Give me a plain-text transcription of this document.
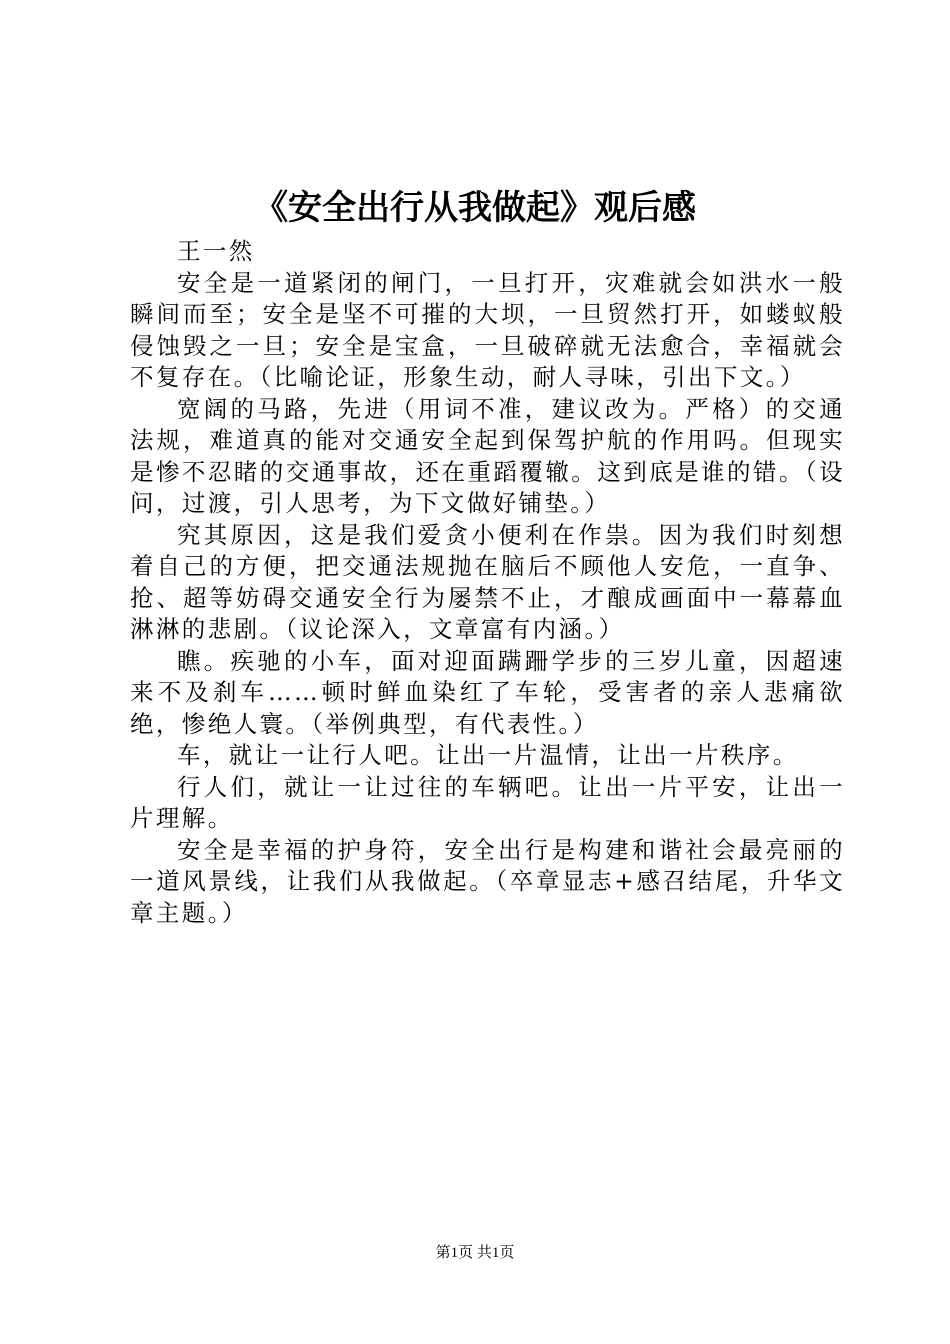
《安全出行从我做起》观后感

王一然

安全是一道紧闭的闸门，一旦打开，灾难就会如洪水一般瞬间而至；安全是坚不可摧的大坝，一旦贸然打开，如蝼蚁般侵蚀毁之一旦；安全是宝盒，一旦破碎就无法愈合，幸福就会不复存在。（比喻论证，形象生动，耐人寻味，引出下文。）

宽阔的马路，先进（用词不准，建议改为。严格）的交通法规，难道真的能对交通安全起到保驾护航的作用吗。但现实是惨不忍睹的交通事故，还在重蹈覆辙。这到底是谁的错。（设问，过渡，引人思考，为下文做好铺垫。）

究其原因，这是我们爱贪小便利在作祟。因为我们时刻想着自己的方便，把交通法规抛在脑后不顾他人安危，一直争、抢、超等妨碍交通安全行为屡禁不止，才酿成画面中一幕幕血淋淋的悲剧。（议论深入，文章富有内涵。）

瞧。疾驰的小车，面对迎面蹒跚学步的三岁儿童，因超速来不及刹车……顿时鲜血染红了车轮，受害者的亲人悲痛欲绝，惨绝人寰。（举例典型，有代表性。）

车，就让一让行人吧。让出一片温情，让出一片秩序。

行人们，就让一让过往的车辆吧。让出一片平安，让出一片理解。

安全是幸福的护身符，安全出行是构建和谐社会最亮丽的一道风景线，让我们从我做起。（卒章显志+感召结尾，升华文章主题。）

第1页 共1页
